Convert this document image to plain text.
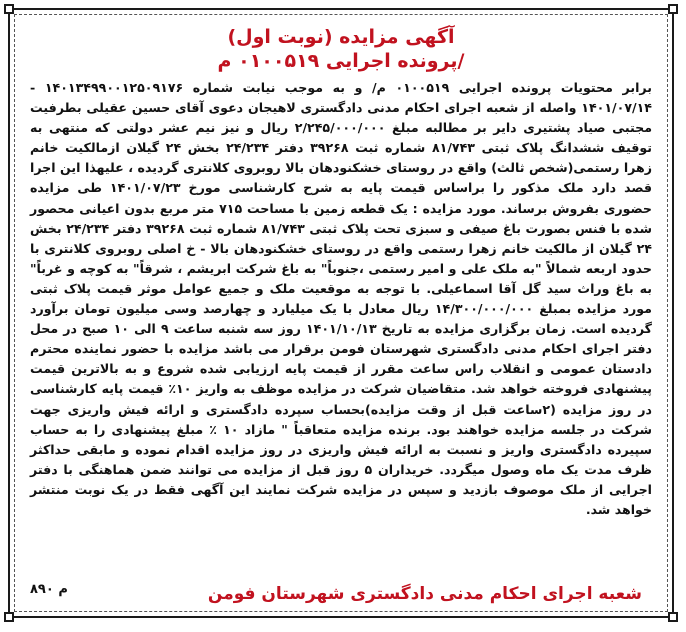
آگهی مزایده (نوبت اول)
پرونده اجرایی ۰۱۰۰۵۱۹ م/

برابر محتویات پرونده اجرایی ۰۱۰۰۵۱۹ م/ و به موجب نیابت شماره ۱۴۰۱۳۴۹۹۰۰۱۲۵۰۹۱۷۶ - ۱۴۰۱/۰۷/۱۴ واصله از شعبه اجرای احکام مدنی دادگستری لاهیجان دعوی آقای حسین عقیلی بطرفیت مجتبی صیاد پشتیری دایر بر مطالبه مبلغ ۲/۲۴۵/۰۰۰/۰۰۰ ریال و نیز نیم عشر دولتی که منتهی به توقیف ششدانگ پلاک ثبتی ۸۱/۷۴۳ شماره ثبت ۳۹۲۶۸ دفتر ۲۴/۲۳۴ بخش ۲۴ گیلان ازمالکیت خانم زهرا رستمی(شخص ثالث) واقع در روستای خشکنودهان بالا روبروی کلانتری گردیده ، علیهذا این اجرا قصد دارد ملک مذکور را براساس قیمت پایه به شرح کارشناسی مورخ ۱۴۰۱/۰۷/۲۳ طی مزایده حضوری بفروش برساند. مورد مزایده : یک قطعه زمین با مساحت ۷۱۵ متر مربع بدون اعیانی محصور شده با فنس بصورت باغ صیفی و سبزی تحت پلاک ثبتی ۸۱/۷۴۳ شماره ثبت ۳۹۲۶۸ دفتر ۲۴/۲۳۴ بخش ۲۴ گیلان از مالکیت خانم زهرا رستمی واقع در روستای خشکنودهان بالا - خ اصلی روبروی کلانتری با حدود اربعه شمالاً "به ملک علی و امیر رستمی ،جنوباً" به باغ شرکت ابریشم ، شرقاً" به کوچه و غرباً" به باغ وراث سید گل آقا اسماعیلی. با توجه به موقعیت ملک و جمیع عوامل موثر قیمت پلاک ثبتی مورد مزایده بمبلغ ۱۴/۳۰۰/۰۰۰/۰۰۰ ریال معادل با یک میلیارد و چهارصد وسی میلیون تومان برآورد گردیده است. زمان برگزاری مزایده به تاریخ ۱۴۰۱/۱۰/۱۳ روز سه شنبه ساعت ۹ الی ۱۰ صبح در محل دفتر اجرای احکام مدنی دادگستری شهرستان فومن برقرار می باشد مزایده با حضور نماینده محترم دادستان عمومی و انقلاب راس ساعت مقرر از قیمت پایه ارزیابی شده شروع و به بالاترین قیمت پیشنهادی فروخته خواهد شد. متقاضیان شرکت در مزایده موظف به واریز ۱۰٪ قیمت پایه کارشناسی در روز مزایده (۲ساعت قبل از وقت مزایده)بحساب سپرده دادگستری و ارائه فیش واریزی جهت شرکت در جلسه مزایده خواهند بود. برنده مزایده متعاقباً " مازاد ۱۰ ٪ مبلغ پیشنهادی را به حساب سپیرده دادگستری واریز و نسبت به ارائه فیش واریزی در روز مزایده اقدام نموده و مابقی حداکثر ظرف مدت یک ماه وصول میگردد. خریداران ۵ روز قبل از مزایده می توانند ضمن هماهنگی با دفتر اجرایی از ملک موصوف بازدید و سپس در مزایده شرکت نمایند این آگهی فقط در یک نوبت منتشر خواهد شد.

م ۸۹۰	شعبه اجرای احکام مدنی دادگستری شهرستان فومن
